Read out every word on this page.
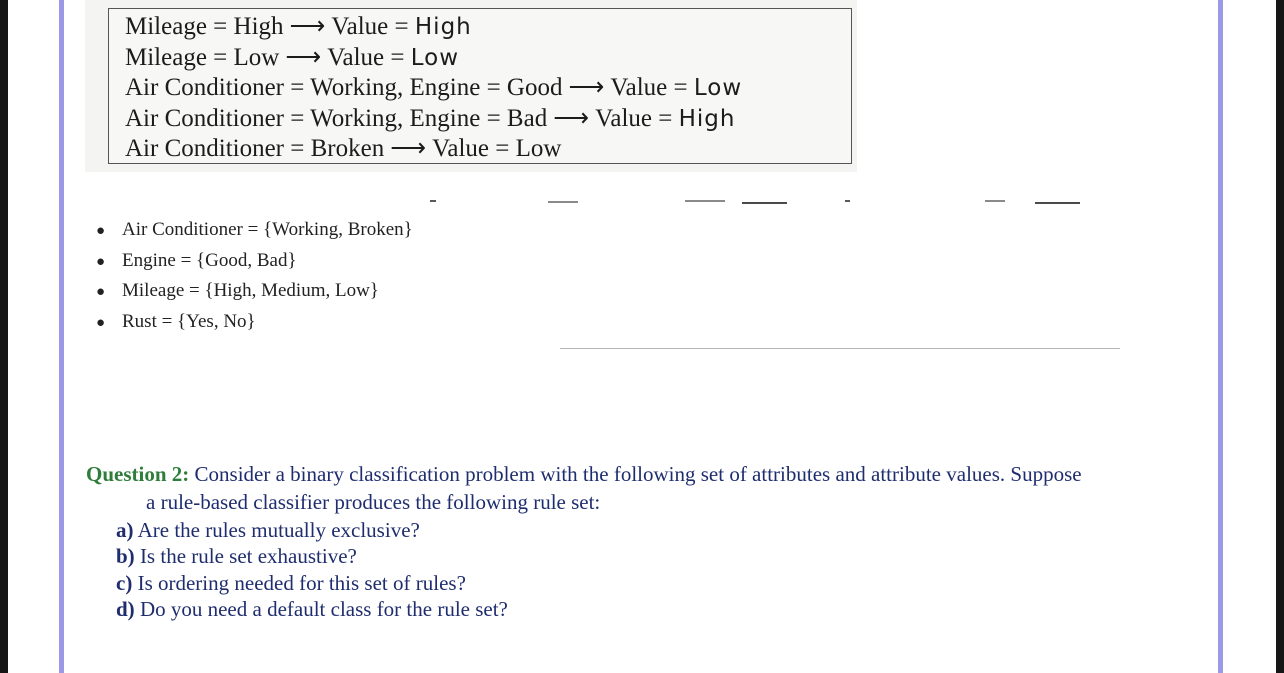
Mileage = High ⟶ Value = High
Mileage = Low ⟶ Value = Low
Air Conditioner = Working, Engine = Good ⟶ Value = Low
Air Conditioner = Working, Engine = Bad ⟶ Value = High
Air Conditioner = Broken ⟶ Value = Low
● Air Conditioner = {Working, Broken}
● Engine = {Good, Bad}
● Mileage = {High, Medium, Low}
● Rust = {Yes, No}
Question 2: Consider a binary classification problem with the following set of attributes and attribute values. Suppose
a rule-based classifier produces the following rule set:
a) Are the rules mutually exclusive?
b) Is the rule set exhaustive?
c) Is ordering needed for this set of rules?
d) Do you need a default class for the rule set?
